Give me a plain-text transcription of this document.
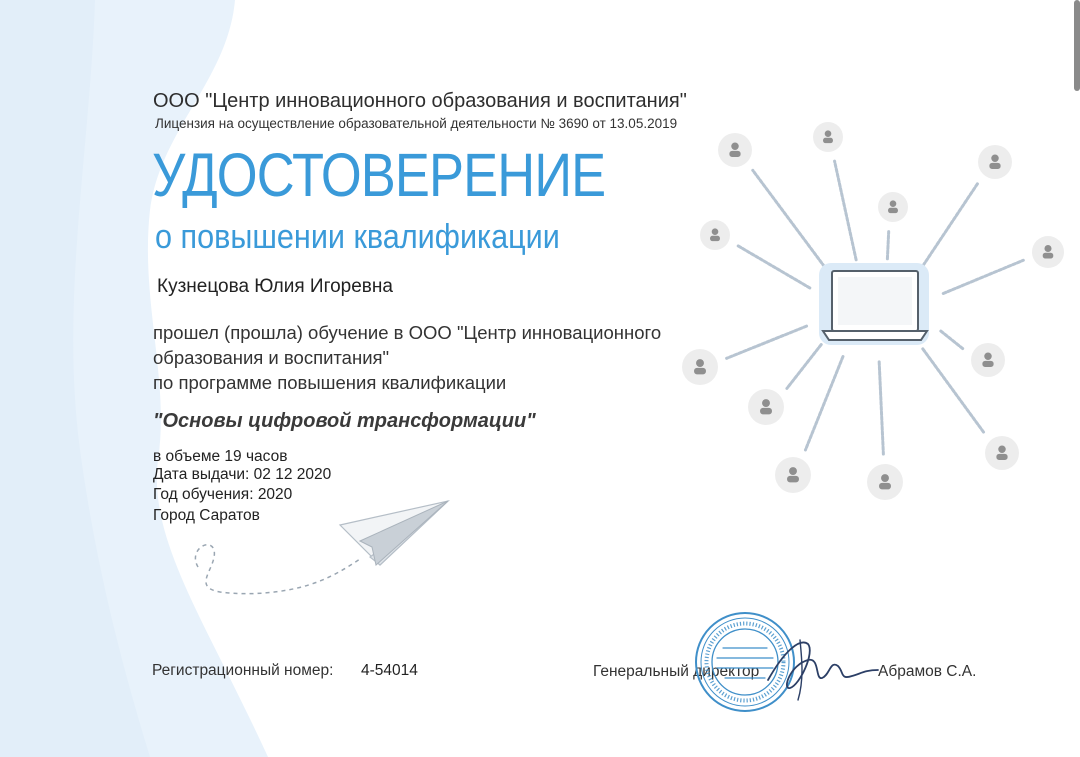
ООО "Центр инновационного образования и воспитания"

Лицензия на осуществление образовательной деятельности № 3690 от 13.05.2019

УДОСТОВЕРЕНИЕ

о повышении квалификации

Кузнецова Юлия Игоревна

прошел (прошла) обучение в ООО "Центр инновационного

образования и воспитания"

по программе повышения квалификации

"Основы цифровой трансформации"

в объеме 19 часов

Дата выдачи: 02 12 2020

Год обучения: 2020

Город Саратов

Регистрационный номер: 4-54014	Генеральный директор	Абрамов С.А.
